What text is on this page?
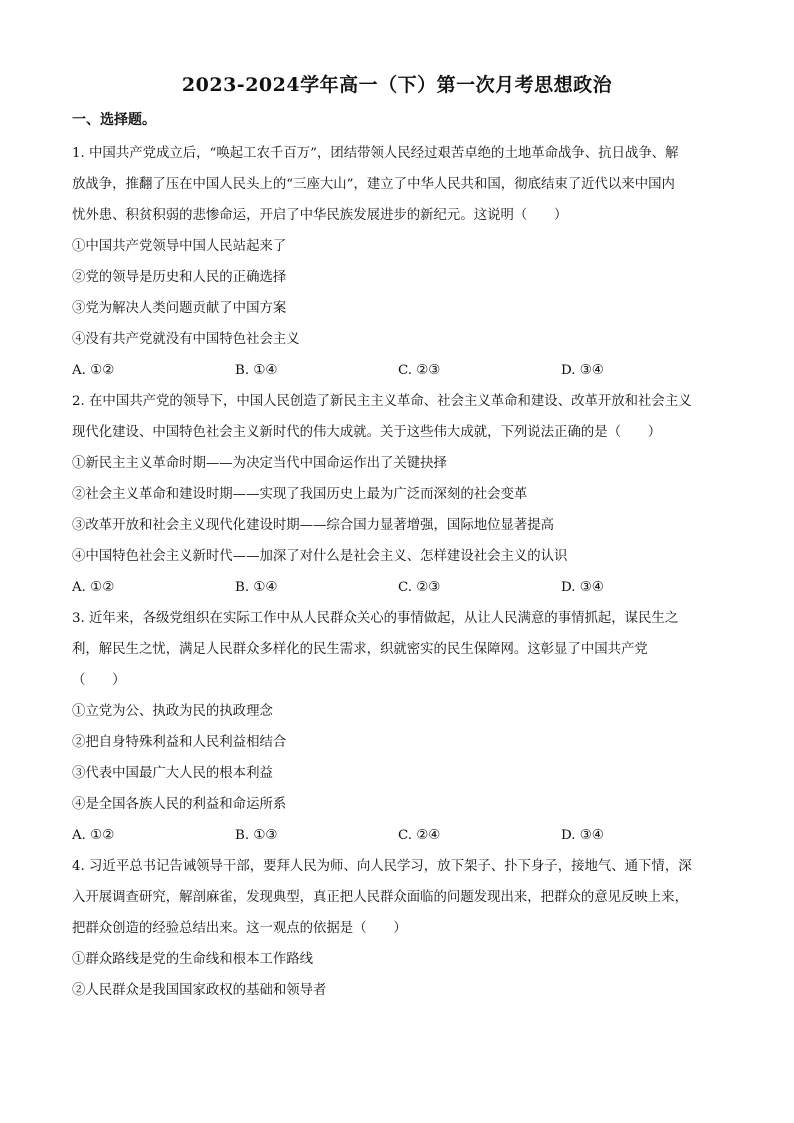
2023-2024学年高一（下）第一次月考思想政治
一、选择题。
1. 中国共产党成立后，“唤起工农千百万”，团结带领人民经过艰苦卓绝的土地革命战争、抗日战争、解
放战争，推翻了压在中国人民头上的“三座大山”，建立了中华人民共和国，彻底结束了近代以来中国内
忧外患、积贫积弱的悲惨命运，开启了中华民族发展进步的新纪元。这说明（　　）
①中国共产党领导中国人民站起来了
②党的领导是历史和人民的正确选择
③党为解决人类问题贡献了中国方案
④没有共产党就没有中国特色社会主义
A. ①②	B. ①④	C. ②③	D. ③④
2. 在中国共产党的领导下，中国人民创造了新民主主义革命、社会主义革命和建设、改革开放和社会主义
现代化建设、中国特色社会主义新时代的伟大成就。关于这些伟大成就，下列说法正确的是（　　）
①新民主主义革命时期——为决定当代中国命运作出了关键抉择
②社会主义革命和建设时期——实现了我国历史上最为广泛而深刻的社会变革
③改革开放和社会主义现代化建设时期——综合国力显著增强，国际地位显著提高
④中国特色社会主义新时代——加深了对什么是社会主义、怎样建设社会主义的认识
A. ①②	B. ①④	C. ②③	D. ③④
3. 近年来，各级党组织在实际工作中从人民群众关心的事情做起，从让人民满意的事情抓起，谋民生之
利，解民生之忧，满足人民群众多样化的民生需求，织就密实的民生保障网。这彰显了中国共产党
（　　）
①立党为公、执政为民的执政理念
②把自身特殊利益和人民利益相结合
③代表中国最广大人民的根本利益
④是全国各族人民的利益和命运所系
A. ①②	B. ①③	C. ②④	D. ③④
4. 习近平总书记告诫领导干部，要拜人民为师、向人民学习，放下架子、扑下身子，接地气、通下情，深
入开展调查研究，解剖麻雀，发现典型，真正把人民群众面临的问题发现出来，把群众的意见反映上来，
把群众创造的经验总结出来。这一观点的依据是（　　）
①群众路线是党的生命线和根本工作路线
②人民群众是我国国家政权的基础和领导者
